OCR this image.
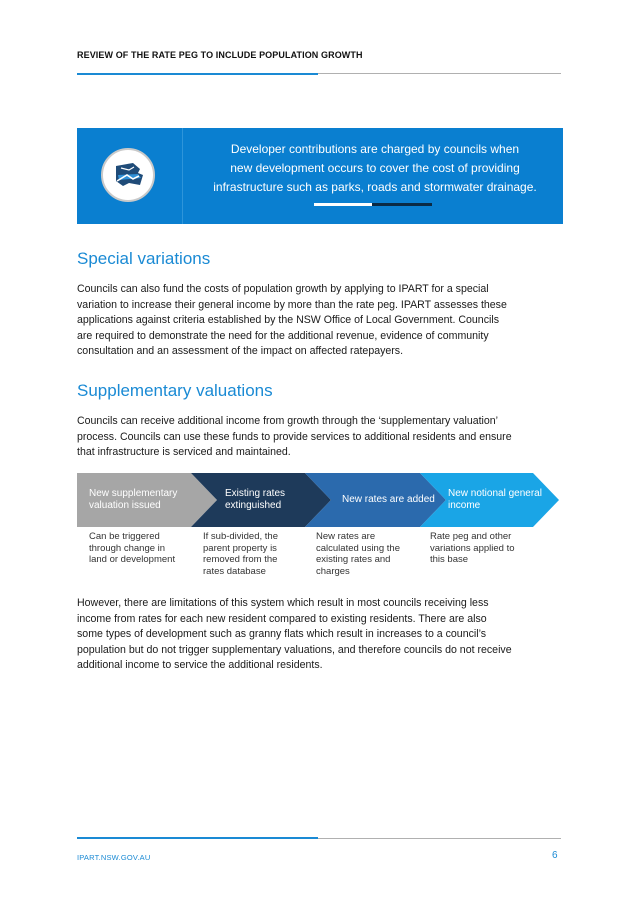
REVIEW OF THE RATE PEG TO INCLUDE POPULATION GROWTH
Developer contributions are charged by councils when
new development occurs to cover the cost of providing
infrastructure such as parks, roads and stormwater drainage.
Special variations
Councils can also fund the costs of population growth by applying to IPART for a special
variation to increase their general income by more than the rate peg. IPART assesses these
applications against criteria established by the NSW Office of Local Government. Councils
are required to demonstrate the need for the additional revenue, evidence of community
consultation and an assessment of the impact on affected ratepayers.
Supplementary valuations
Councils can receive additional income from growth through the ‘supplementary valuation’
process. Councils can use these funds to provide services to additional residents and ensure
that infrastructure is serviced and maintained.
New supplementary
valuation issued
Existing rates
extinguished
New rates are added
New notional general
income
Can be triggered
through change in
land or development
If sub-divided, the
parent property is
removed from the
rates database
New rates are
calculated using the
existing rates and
charges
Rate peg and other
variations applied to
this base
However, there are limitations of this system which result in most councils receiving less
income from rates for each new resident compared to existing residents. There are also
some types of development such as granny flats which result in increases to a council’s
population but do not trigger supplementary valuations, and therefore councils do not receive
additional income to service the additional residents.
IPART.NSW.GOV.AU	6
